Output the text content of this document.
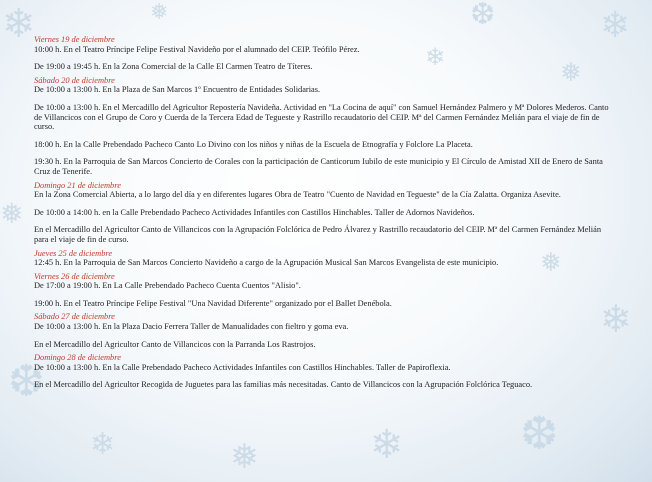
❄	❅	❆	❄
❅
❄
❆
❄	❅	❄	❆
❄
❅
❅
Viernes 19 de diciembre
10:00 h. En el Teatro Príncipe Felipe Festival Navideño por el alumnado del CEIP. Teófilo Pérez.
De 19:00 a 19:45 h. En la Zona Comercial de la Calle El Carmen Teatro de Títeres.
Sábado 20 de diciembre
De 10:00 a 13:00 h. En la Plaza de San Marcos 1º Encuentro de Entidades Solidarias.
De 10:00 a 13:00 h. En el Mercadillo del Agricultor Repostería Navideña. Actividad en "La Cocina de aquí" con Samuel Hernández Palmero y Mª Dolores Mederos. Canto de Villancicos con el Grupo de Coro y Cuerda de la Tercera Edad de Tegueste y Rastrillo recaudatorio del CEIP. Mª del Carmen Fernández Melián para el viaje de fin de curso.
18:00 h. En la Calle Prebendado Pacheco Canto Lo Divino con los niños y niñas de la Escuela de Etnografía y Folclore La Placeta.
19:30 h. En la Parroquia de San Marcos Concierto de Corales con la participación de Canticorum Iubilo de este municipio y El Círculo de Amistad XII de Enero de Santa Cruz de Tenerife.
Domingo 21 de diciembre
En la Zona Comercial Abierta, a lo largo del día y en diferentes lugares Obra de Teatro "Cuento de Navidad en Tegueste" de la Cía Zalatta. Organiza Asevite.
De 10:00 a 14:00 h. en la Calle Prebendado Pacheco Actividades Infantiles con Castillos Hinchables. Taller de Adornos Navideños.
En el Mercadillo del Agricultor Canto de Villancicos con la Agrupación Folclórica de Pedro Álvarez y Rastrillo recaudatorio del CEIP. Mª del Carmen Fernández Melián para el viaje de fin de curso.
Jueves 25 de diciembre
12:45 h. En la Parroquia de San Marcos Concierto Navideño a cargo de la Agrupación Musical San Marcos Evangelista de este municipio.
Viernes 26 de diciembre
De 17:00 a 19:00 h. En La Calle Prebendado Pacheco Cuenta Cuentos "Alisio".
19:00 h. En el Teatro Príncipe Felipe Festival "Una Navidad Diferente" organizado por el Ballet Denébola.
Sábado 27 de diciembre
De 10:00 a 13:00 h. En la Plaza Dacio Ferrera Taller de Manualidades con fieltro y goma eva.
En el Mercadillo del Agricultor Canto de Villancicos con la Parranda Los Rastrojos.
Domingo 28 de diciembre
De 10:00 a 13:00 h. En la Calle Prebendado Pacheco Actividades Infantiles con Castillos Hinchables. Taller de Papiroflexia.
En el Mercadillo del Agricultor Recogida de Juguetes para las familias más necesitadas. Canto de Villancicos con la Agrupación Folclórica Teguaco.
